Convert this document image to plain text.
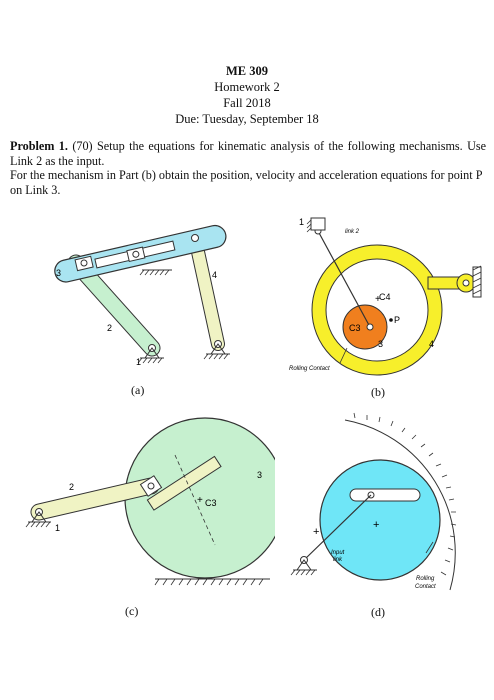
ME 309
Homework 2
Fall 2018
Due: Tuesday, September 18
Problem 1. (70) Setup the equations for kinematic analysis of the following mechanisms. Use Link 2 as the input.
For the mechanism in Part (b) obtain the position, velocity and acceleration equations for point P on Link 3.
3	4
2
1
(a)
link 2
1
C4
+
P
C3
3	4
Rolling Contact
(b)
+ C3
2
1
3
(c)
+
+
Input
link
Rolling
Contact
(d)
